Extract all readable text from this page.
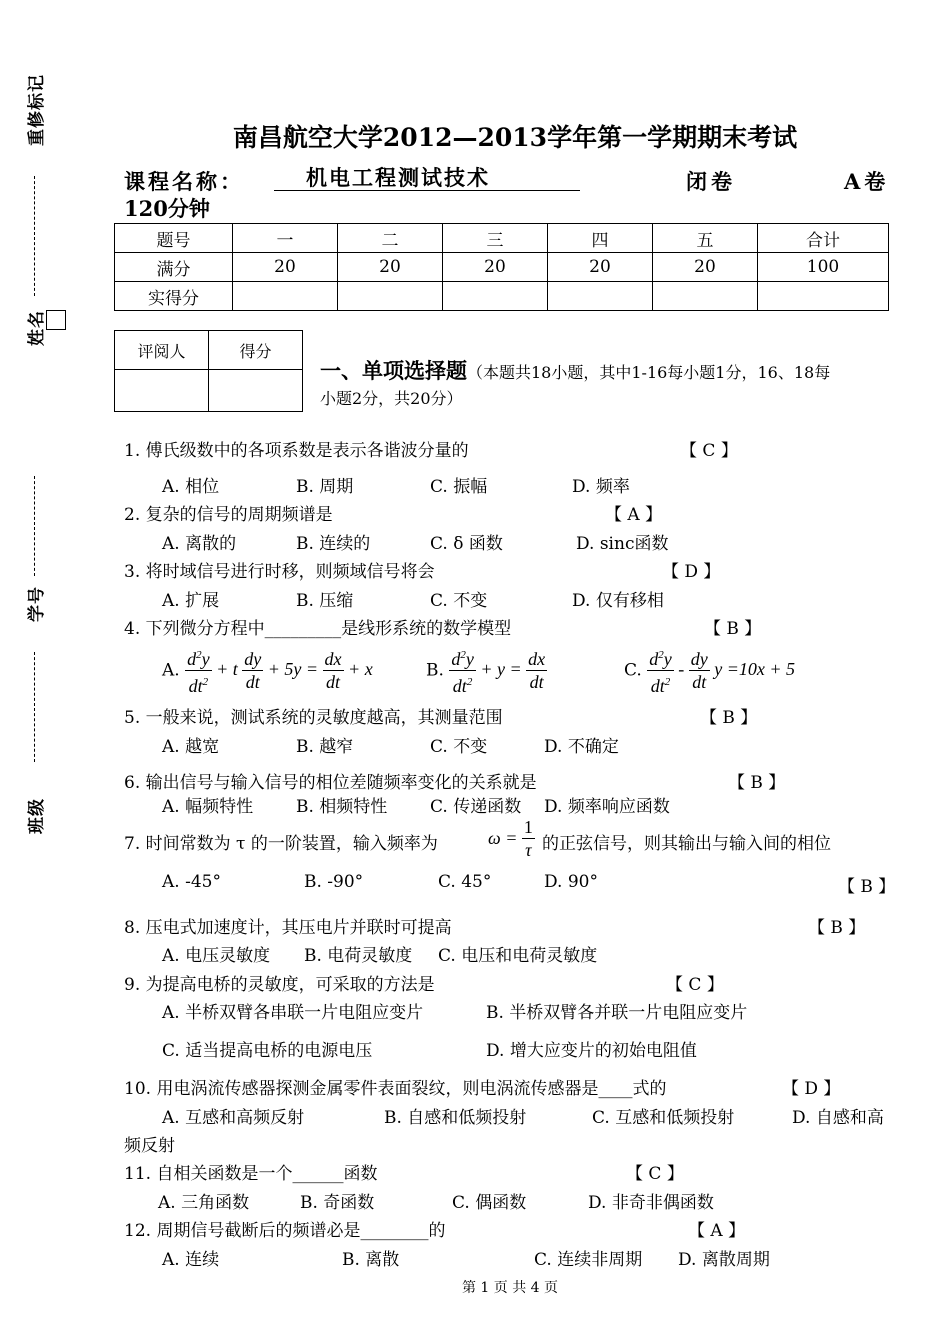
重修标记
姓名
学号
班级
南昌航空大学2012—2013学年第一学期期末考试
课程名称：	机电工程测试技术	闭卷	A卷
120分钟
题号	一	二	三	四	五	合计
满分	20	20	20	20	20	100
实得分						
评阅人	得分

一、单项选择题（本题共18小题，其中1-16每小题1分，16、18每
小题2分，共20分）
1. 傅氏级数中的各项系数是表示各谐波分量的	【 C 】
A. 相位	B. 周期	C. 振幅	D. 频率
2. 复杂的信号的周期频谱是	【 A 】
A. 离散的	B. 连续的	C. δ 函数	D. sinc函数
3. 将时域信号进行时移，则频域信号将会	【 D 】
A. 扩展	B. 压缩	C. 不变	D. 仅有移相
4. 下列微分方程中_________是线形系统的数学模型	【 B 】
A. $\frac{d^2y}{dt^2} + t \frac{dy}{dt} + 5y = \frac{dx}{dt} + x$	B. $\frac{d^2y}{dt^2} + y = \frac{dx}{dt}$	C. $\frac{d^2y}{dt^2} - \frac{dy}{dt}$ y =10x + 5
5. 一般来说，测试系统的灵敏度越高，其测量范围	【 B 】
A. 越宽	B. 越窄	C. 不变	D. 不确定
6. 输出信号与输入信号的相位差随频率变化的关系就是	【 B 】
A. 幅频特性	B. 相频特性	C. 传递函数 D. 频率响应函数
7. 时间常数为 τ 的一阶装置，输入频率为	$\omega = \frac{1}{\tau}$ 的正弦信号，则其输出与输入间的相位
A. -45°	B. -90°	C. 45°	D. 90°	【 B 】
8. 压电式加速度计，其压电片并联时可提高	【 B 】
A. 电压灵敏度 B. 电荷灵敏度 C. 电压和电荷灵敏度
9. 为提高电桥的灵敏度，可采取的方法是	【 C 】
A. 半桥双臂各串联一片电阻应变片	B. 半桥双臂各并联一片电阻应变片
C. 适当提高电桥的电源电压	D. 增大应变片的初始电阻值
10. 用电涡流传感器探测金属零件表面裂纹，则电涡流传感器是____式的	【 D 】
A. 互感和高频反射	B. 自感和低频投射	C. 互感和低频投射	D. 自感和高
频反射
11. 自相关函数是一个______函数	【 C 】
A. 三角函数	B. 奇函数	C. 偶函数	D. 非奇非偶函数
12. 周期信号截断后的频谱必是________的	【 A 】
A. 连续	B. 离散	C. 连续非周期 D. 离散周期
第 1 页 共 4 页
